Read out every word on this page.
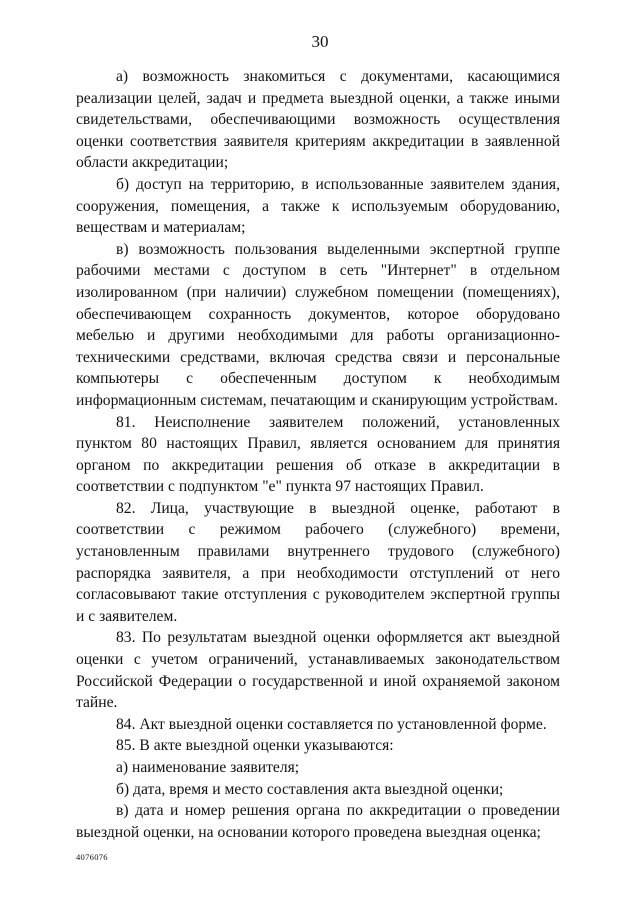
30

а) возможность знакомиться с документами, касающимися реализации целей, задач и предмета выездной оценки, а также иными свидетельствами, обеспечивающими возможность осуществления оценки соответствия заявителя критериям аккредитации в заявленной области аккредитации;

б) доступ на территорию, в использованные заявителем здания, сооружения, помещения, а также к используемым оборудованию, веществам и материалам;

в) возможность пользования выделенными экспертной группе рабочими местами с доступом в сеть "Интернет" в отдельном изолированном (при наличии) служебном помещении (помещениях), обеспечивающем сохранность документов, которое оборудовано мебелью и другими необходимыми для работы организационно-техническими средствами, включая средства связи и персональные компьютеры с обеспеченным доступом к необходимым информационным системам, печатающим и сканирующим устройствам.

81. Неисполнение заявителем положений, установленных пунктом 80 настоящих Правил, является основанием для принятия органом по аккредитации решения об отказе в аккредитации в соответствии с подпунктом "е" пункта 97 настоящих Правил.

82. Лица, участвующие в выездной оценке, работают в соответствии с режимом рабочего (служебного) времени, установленным правилами внутреннего трудового (служебного) распорядка заявителя, а при необходимости отступлений от него согласовывают такие отступления с руководителем экспертной группы и с заявителем.

83. По результатам выездной оценки оформляется акт выездной оценки с учетом ограничений, устанавливаемых законодательством Российской Федерации о государственной и иной охраняемой законом тайне.

84. Акт выездной оценки составляется по установленной форме.

85. В акте выездной оценки указываются:

а) наименование заявителя;

б) дата, время и место составления акта выездной оценки;

в) дата и номер решения органа по аккредитации о проведении выездной оценки, на основании которого проведена выездная оценка;

4076076
